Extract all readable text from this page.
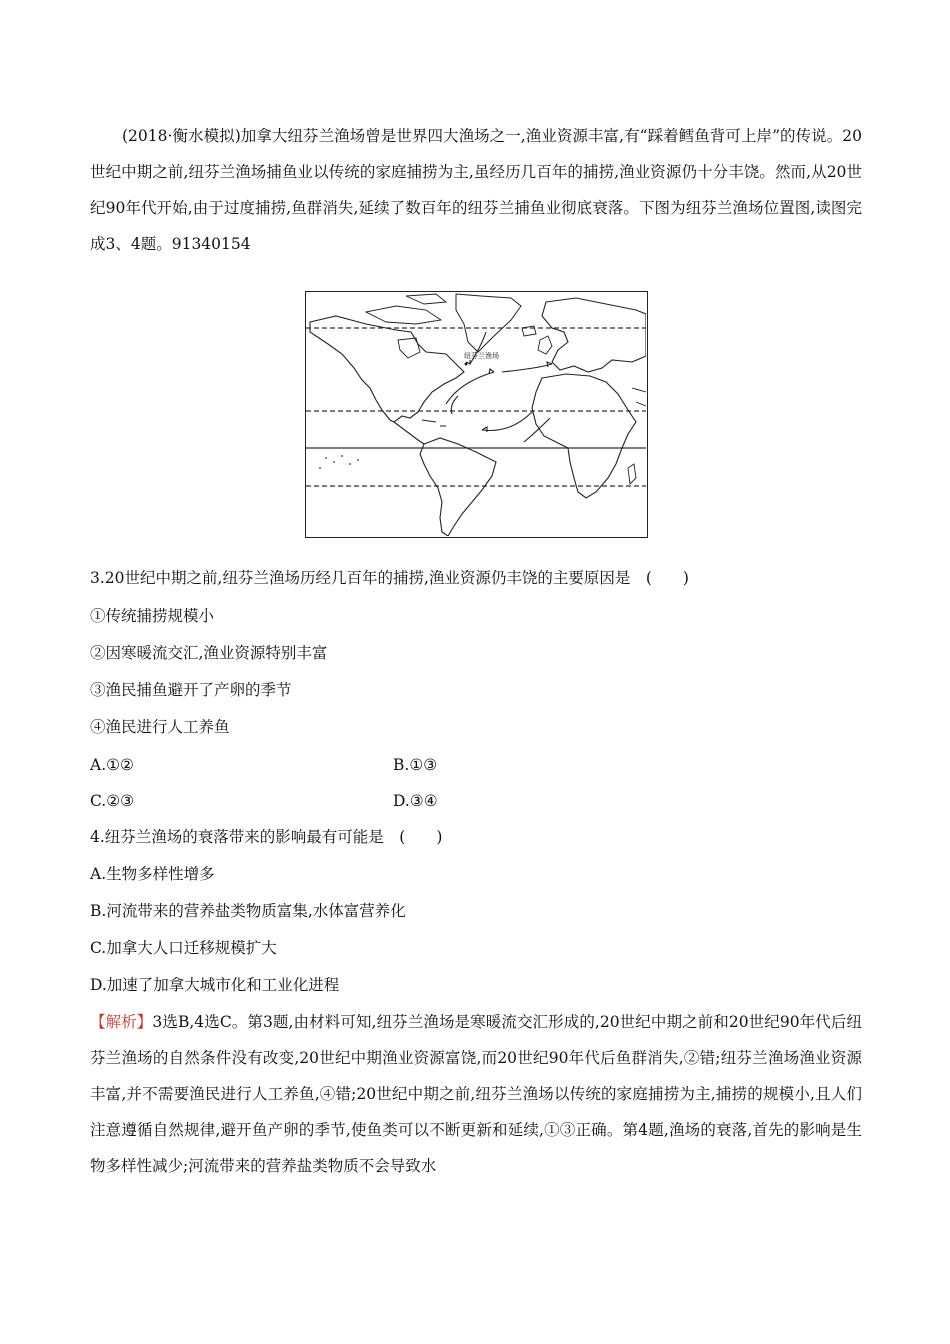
(2018·衡水模拟)加拿大纽芬兰渔场曾是世界四大渔场之一,渔业资源丰富,有“踩着鳕鱼背可上岸”的传说。20世纪中期之前,纽芬兰渔场捕鱼业以传统的家庭捕捞为主,虽经历几百年的捕捞,渔业资源仍十分丰饶。然而,从20世纪90年代开始,由于过度捕捞,鱼群消失,延续了数百年的纽芬兰捕鱼业彻底衰落。下图为纽芬兰渔场位置图,读图完成3、4题。91340154

纽芬兰渔场

3.20世纪中期之前,纽芬兰渔场历经几百年的捕捞,渔业资源仍丰饶的主要原因是　(　　)

①传统捕捞规模小

②因寒暖流交汇,渔业资源特别丰富

③渔民捕鱼避开了产卵的季节

④渔民进行人工养鱼

A.①②	B.①③

C.②③	D.③④

4.纽芬兰渔场的衰落带来的影响最有可能是　(　　)

A.生物多样性增多

B.河流带来的营养盐类物质富集,水体富营养化

C.加拿大人口迁移规模扩大

D.加速了加拿大城市化和工业化进程

【解析】3选B,4选C。第3题,由材料可知,纽芬兰渔场是寒暖流交汇形成的,20世纪中期之前和20世纪90年代后纽芬兰渔场的自然条件没有改变,20世纪中期渔业资源富饶,而20世纪90年代后鱼群消失,②错;纽芬兰渔场渔业资源丰富,并不需要渔民进行人工养鱼,④错;20世纪中期之前,纽芬兰渔场以传统的家庭捕捞为主,捕捞的规模小,且人们注意遵循自然规律,避开鱼产卵的季节,使鱼类可以不断更新和延续,①③正确。第4题,渔场的衰落,首先的影响是生物多样性减少;河流带来的营养盐类物质不会导致水
